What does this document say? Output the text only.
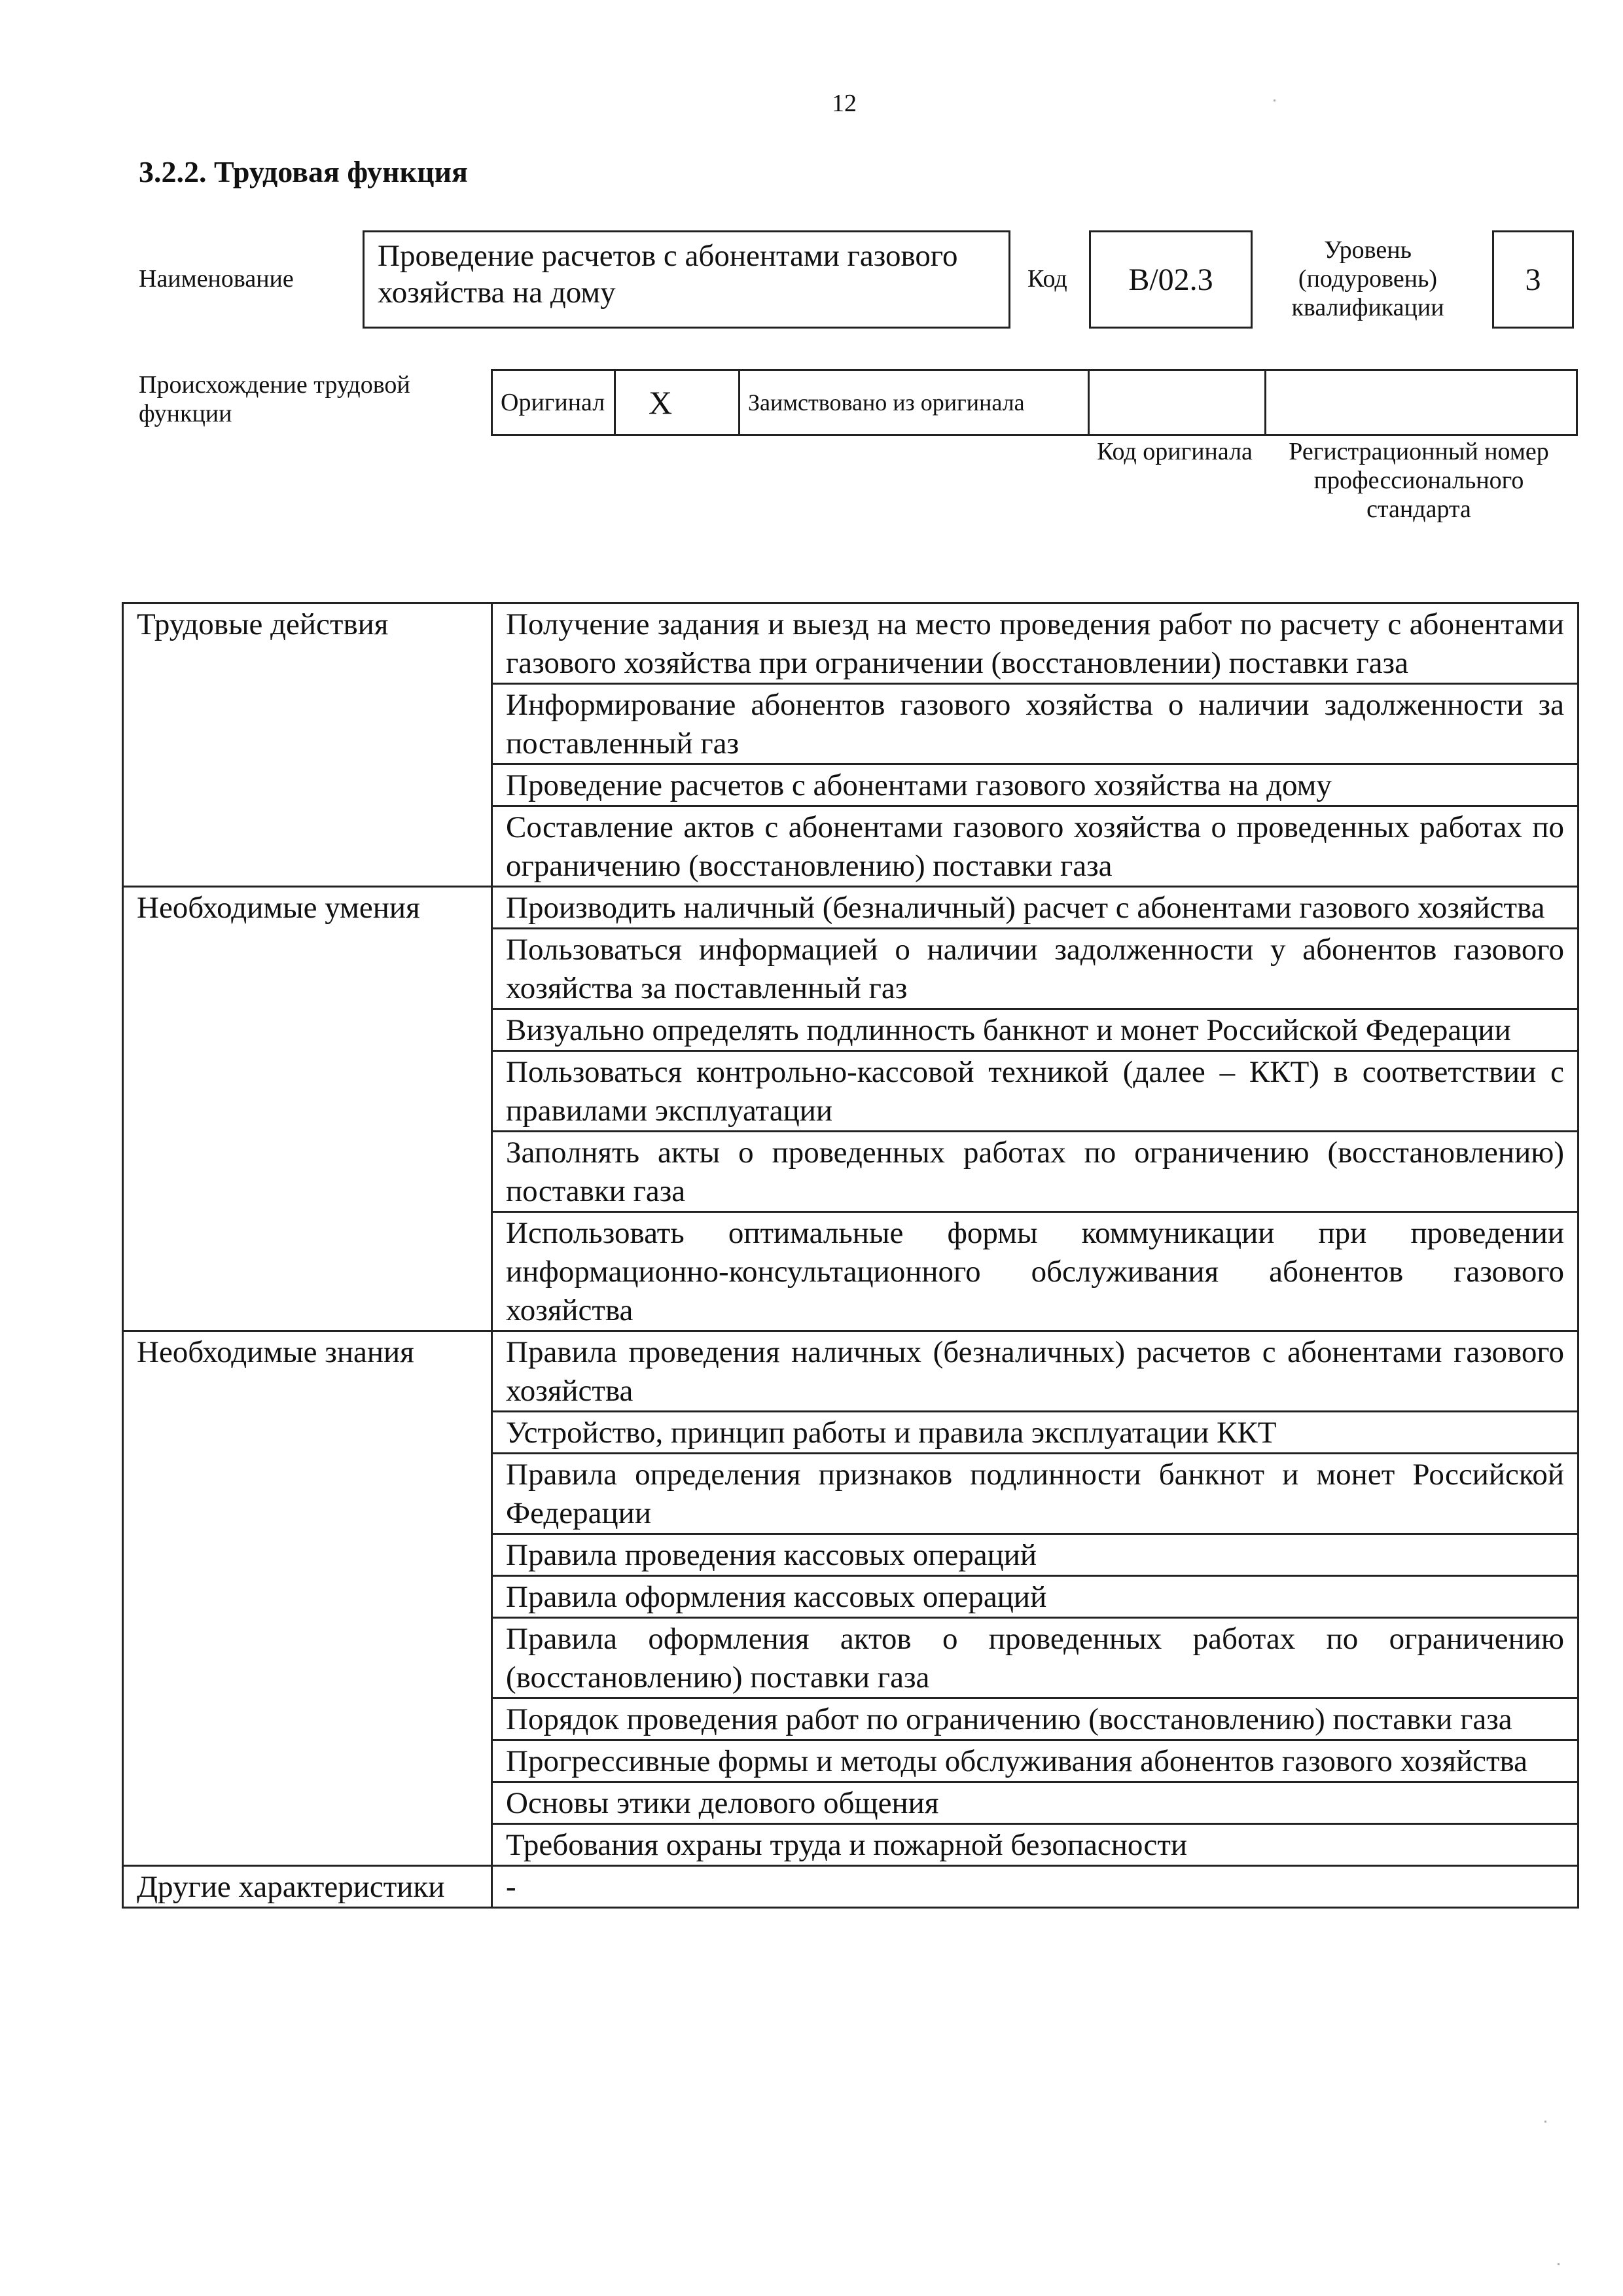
12
3.2.2. Трудовая функция
Наименование
Проведение расчетов с абонентами газового хозяйства на дому	Код	В/02.3
Уровень (подуровень) квалификации
3
Происхождение трудовой функции	Оригинал	X	Заимствовано из оригинала		
Код оригинала	Регистрационный номер профессионального стандарта
Трудовые действия	Получение задания и выезд на место проведения работ по расчету с абонентами газового хозяйства при ограничении (восстановлении) поставки газа
	Информирование абонентов газового хозяйства о наличии задолженности за поставленный газ
	Проведение расчетов с абонентами газового хозяйства на дому
	Составление актов с абонентами газового хозяйства о проведенных работах по ограничению (восстановлению) поставки газа
Необходимые умения	Производить наличный (безналичный) расчет с абонентами газового хозяйства
	Пользоваться информацией о наличии задолженности у абонентов газового хозяйства за поставленный газ
	Визуально определять подлинность банкнот и монет Российской Федерации
	Пользоваться контрольно-кассовой техникой (далее – ККТ) в соответствии с правилами эксплуатации
	Заполнять акты о проведенных работах по ограничению (восстановлению) поставки газа
	Использовать оптимальные формы коммуникации при проведении информационно-консультационного обслуживания абонентов газового хозяйства
Необходимые знания	Правила проведения наличных (безналичных) расчетов с абонентами газового хозяйства
	Устройство, принцип работы и правила эксплуатации ККТ
	Правила определения признаков подлинности банкнот и монет Российской Федерации
	Правила проведения кассовых операций
	Правила оформления кассовых операций
	Правила оформления актов о проведенных работах по ограничению (восстановлению) поставки газа
	Порядок проведения работ по ограничению (восстановлению) поставки газа
	Прогрессивные формы и методы обслуживания абонентов газового хозяйства
	Основы этики делового общения
	Требования охраны труда и пожарной безопасности
Другие характеристики	-
